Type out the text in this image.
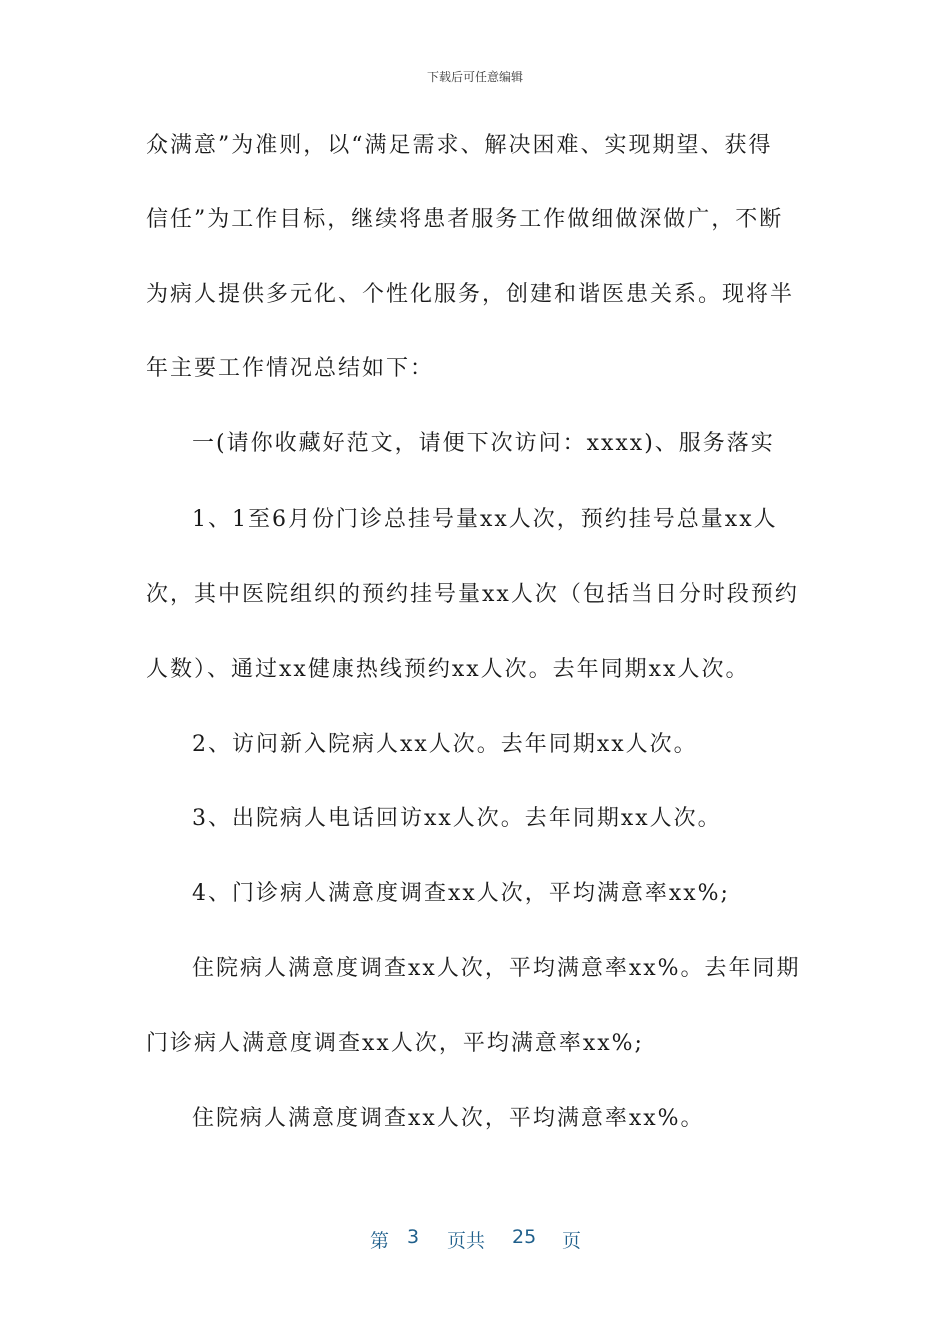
下载后可任意编辑
众满意”为准则，以“满足需求、解决困难、实现期望、获得
信任”为工作目标，继续将患者服务工作做细做深做广，不断
为病人提供多元化、个性化服务，创建和谐医患关系。现将半
年主要工作情况总结如下：
一(请你收藏好范文，请便下次访问：xxxx)、服务落实
1、1至6月份门诊总挂号量xx人次，预约挂号总量xx人
次，其中医院组织的预约挂号量xx人次（包括当日分时段预约
人数）、通过xx健康热线预约xx人次。去年同期xx人次。
2、访问新入院病人xx人次。去年同期xx人次。
3、出院病人电话回访xx人次。去年同期xx人次。
4、门诊病人满意度调查xx人次，平均满意率xx%;
住院病人满意度调查xx人次，平均满意率xx%。去年同期
门诊病人满意度调查xx人次，平均满意率xx%;
住院病人满意度调查xx人次，平均满意率xx%。
第 3 页共 25 页
